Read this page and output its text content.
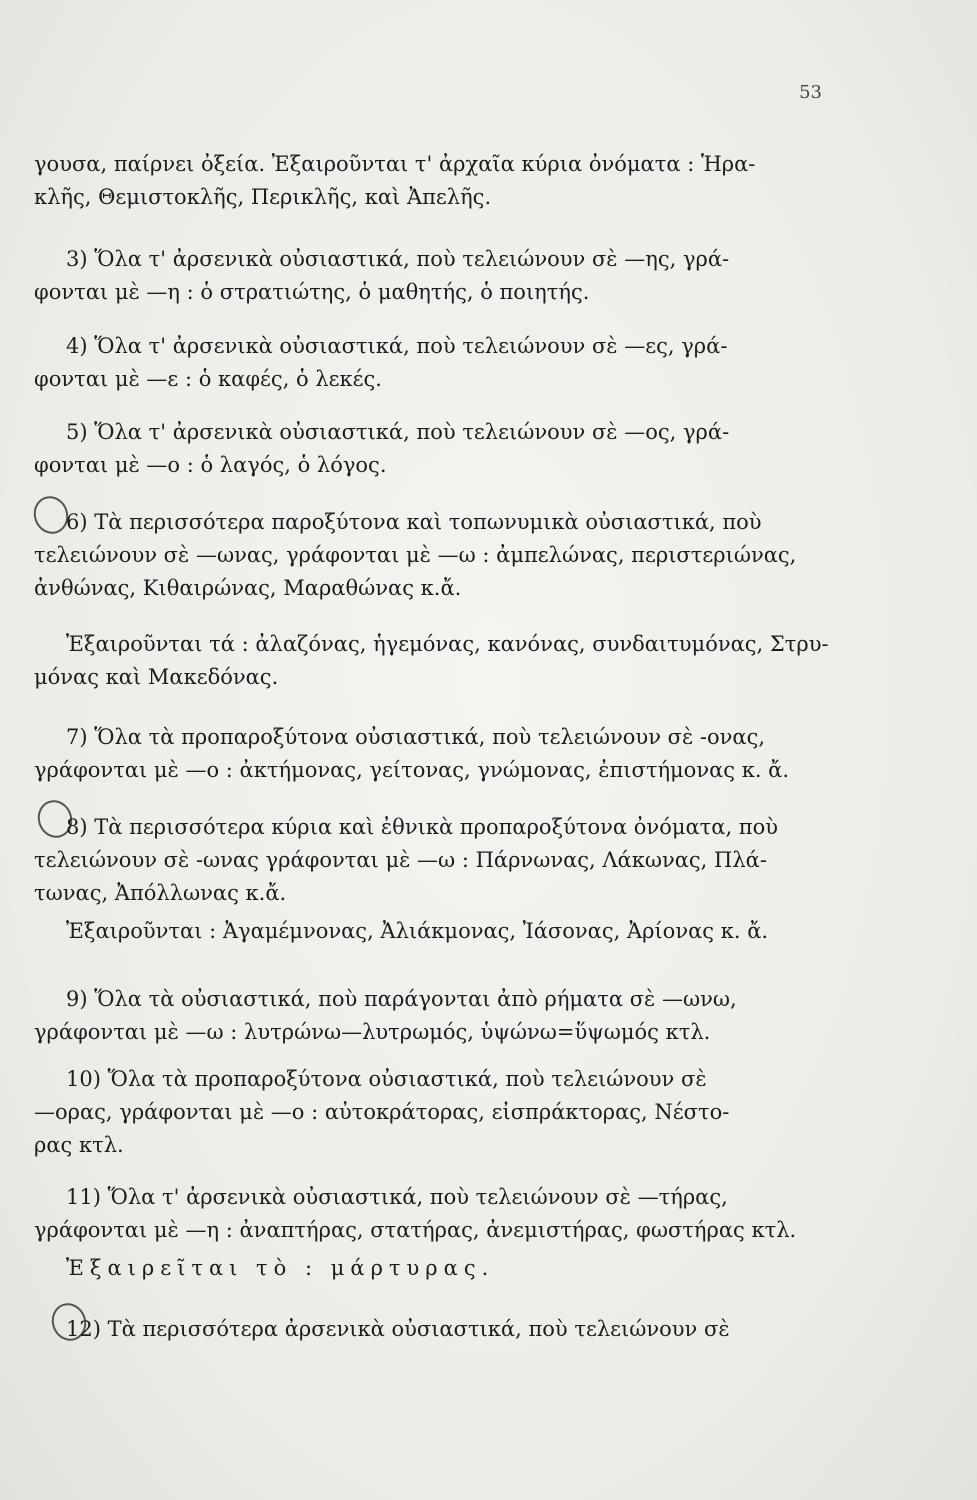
53
γουσα, παίρνει ὀξεία. Ἐξαιροῦνται τ' ἀρχαῖα κύρια ὀνόματα : Ἡρα-
κλῆς, Θεμιστοκλῆς, Περικλῆς, καὶ Ἀπελῆς.
3) Ὅλα τ' ἀρσενικὰ οὐσιαστικά, ποὺ τελειώνουν σὲ —ης, γρά-
φονται μὲ —η : ὁ στρατιώτης, ὁ μαθητής, ὁ ποιητής.
4) Ὅλα τ' ἀρσενικὰ οὐσιαστικά, ποὺ τελειώνουν σὲ —ες, γρά-
φονται μὲ —ε : ὁ καφές, ὁ λεκές.
5) Ὅλα τ' ἀρσενικὰ οὐσιαστικά, ποὺ τελειώνουν σὲ —ος, γρά-
φονται μὲ —ο : ὁ λαγός, ὁ λόγος.
6) Τὰ περισσότερα παροξύτονα καὶ τοπωνυμικὰ οὐσιαστικά, ποὺ
τελειώνουν σὲ —ωνας, γράφονται μὲ —ω : ἀμπελώνας, περιστεριώνας,
ἀνθώνας, Κιθαιρώνας, Μαραθώνας κ.ἄ.
Ἐξαιροῦνται τά : ἀλαζόνας, ἡγεμόνας, κανόνας, συνδαιτυμόνας, Στρυ-
μόνας καὶ Μακεδόνας.
7) Ὅλα τὰ προπαροξύτονα οὐσιαστικά, ποὺ τελειώνουν σὲ -ονας,
γράφονται μὲ —ο : ἀκτήμονας, γείτονας, γνώμονας, ἐπιστήμονας κ. ἄ.
8) Τὰ περισσότερα κύρια καὶ ἐθνικὰ προπαροξύτονα ὀνόματα, ποὺ
τελειώνουν σὲ -ωνας γράφονται μὲ —ω : Πάρνωνας, Λάκωνας, Πλά-
τωνας, Ἀπόλλωνας κ.ἄ.
Ἐξαιροῦνται : Ἀγαμέμνονας, Ἀλιάκμονας, Ἰάσονας, Ἀρίονας κ. ἄ.
9) Ὅλα τὰ οὐσιαστικά, ποὺ παράγονται ἀπὸ ρήματα σὲ —ωνω,
γράφονται μὲ —ω : λυτρώνω—λυτρωμός, ὑψώνω=ὕψωμός κτλ.
10) Ὅλα τὰ προπαροξύτονα οὐσιαστικά, ποὺ τελειώνουν σὲ
—ορας, γράφονται μὲ —ο : αὐτοκράτορας, εἰσπράκτορας, Νέστο-
ρας κτλ.
11) Ὅλα τ' ἀρσενικὰ οὐσιαστικά, ποὺ τελειώνουν σὲ —τήρας,
γράφονται μὲ —η : ἀναπτήρας, στατήρας, ἀνεμιστήρας, φωστήρας κτλ.
Ἐξαιρεῖται τὸ : μάρτυρας.
12) Τὰ περισσότερα ἀρσενικὰ οὐσιαστικά, ποὺ τελειώνουν σὲ
